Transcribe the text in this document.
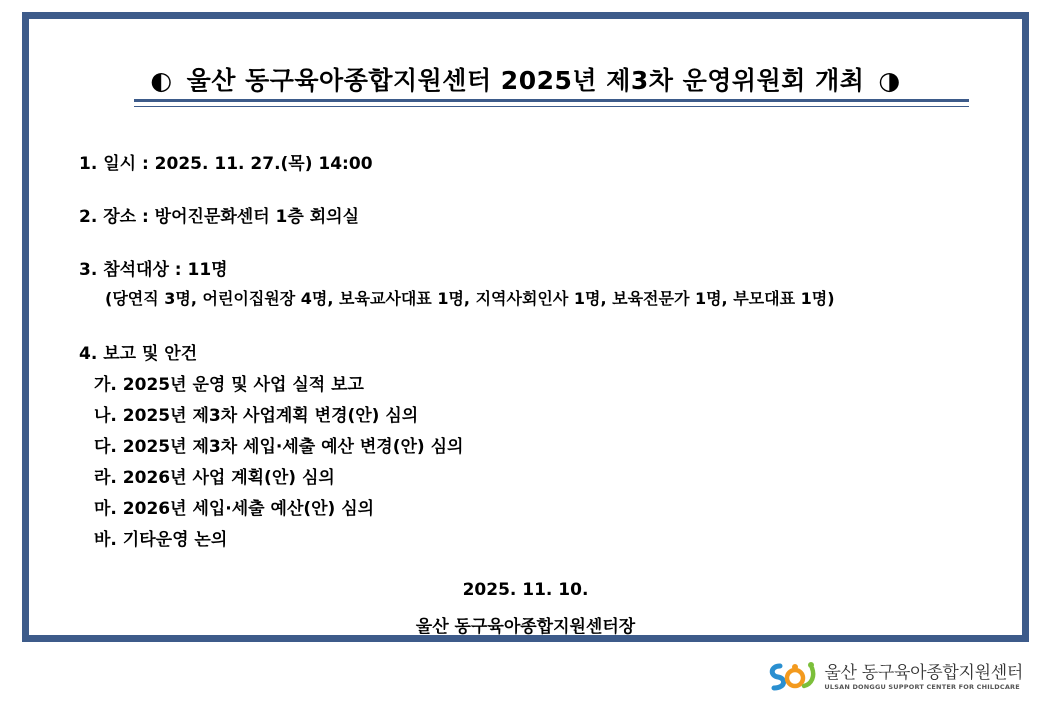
◐ 울산 동구육아종합지원센터 2025년 제3차 운영위원회 개최 ◑
1. 일시 : 2025. 11. 27.(목) 14:00
2. 장소 : 방어진문화센터 1층 회의실
3. 참석대상 : 11명
(당연직 3명, 어린이집원장 4명, 보육교사대표 1명, 지역사회인사 1명, 보육전문가 1명, 부모대표 1명)
4. 보고 및 안건
가. 2025년 운영 및 사업 실적 보고
나. 2025년 제3차 사업계획 변경(안) 심의
다. 2025년 제3차 세입·세출 예산 변경(안) 심의
라. 2026년 사업 계획(안) 심의
마. 2026년 세입·세출 예산(안) 심의
바. 기타운영 논의
2025. 11. 10.
울산 동구육아종합지원센터장
울산 동구육아종합지원센터
ULSAN DONGGU SUPPORT CENTER FOR CHILDCARE
